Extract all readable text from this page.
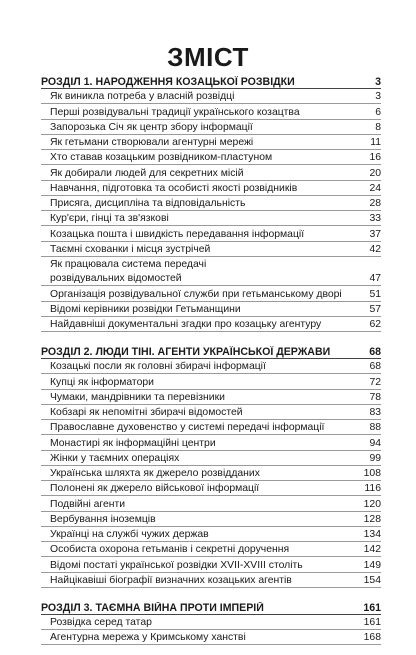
ЗМІСТ
РОЗДІЛ 1. НАРОДЖЕННЯ КОЗАЦЬКОЇ РОЗВІДКИ	3
Як виникла потреба у власній розвідці	3
Перші розвідувальні традиції українського козацтва	6
Запорозька Січ як центр збору інформації	8
Як гетьмани створювали агентурні мережі	11
Хто ставав козацьким розвідником-пластуном	16
Як добирали людей для секретних місій	20
Навчання, підготовка та особисті якості розвідників	24
Присяга, дисципліна та відповідальність	28
Кур'єри, гінці та зв'язкові	33
Козацька пошта і швидкість передавання інформації	37
Таємні схованки і місця зустрічей	42
Як працювала система передачі
розвідувальних відомостей	47
Організація розвідувальної служби при гетьманському дворі	51
Відомі керівники розвідки Гетьманщини	57
Найдавніші документальні згадки про козацьку агентуру	62
РОЗДІЛ 2. ЛЮДИ ТІНІ. АГЕНТИ УКРАЇНСЬКОЇ ДЕРЖАВИ	68
Козацькі посли як головні збирачі інформації	68
Купці як інформатори	72
Чумаки, мандрівники та перевізники	78
Кобзарі як непомітні збирачі відомостей	83
Православне духовенство у системі передачі інформації	88
Монастирі як інформаційні центри	94
Жінки у таємних операціях	99
Українська шляхта як джерело розвідданих	108
Полонені як джерело військової інформації	116
Подвійні агенти	120
Вербування іноземців	128
Українці на службі чужих держав	134
Особиста охорона гетьманів і секретні доручення	142
Відомі постаті української розвідки XVII-XVIII століть	149
Найцікавіші біографії визначних козацьких агентів	154
РОЗДІЛ 3. ТАЄМНА ВІЙНА ПРОТИ ІМПЕРІЙ	161
Розвідка серед татар	161
Агентурна мережа у Кримському ханстві	168
